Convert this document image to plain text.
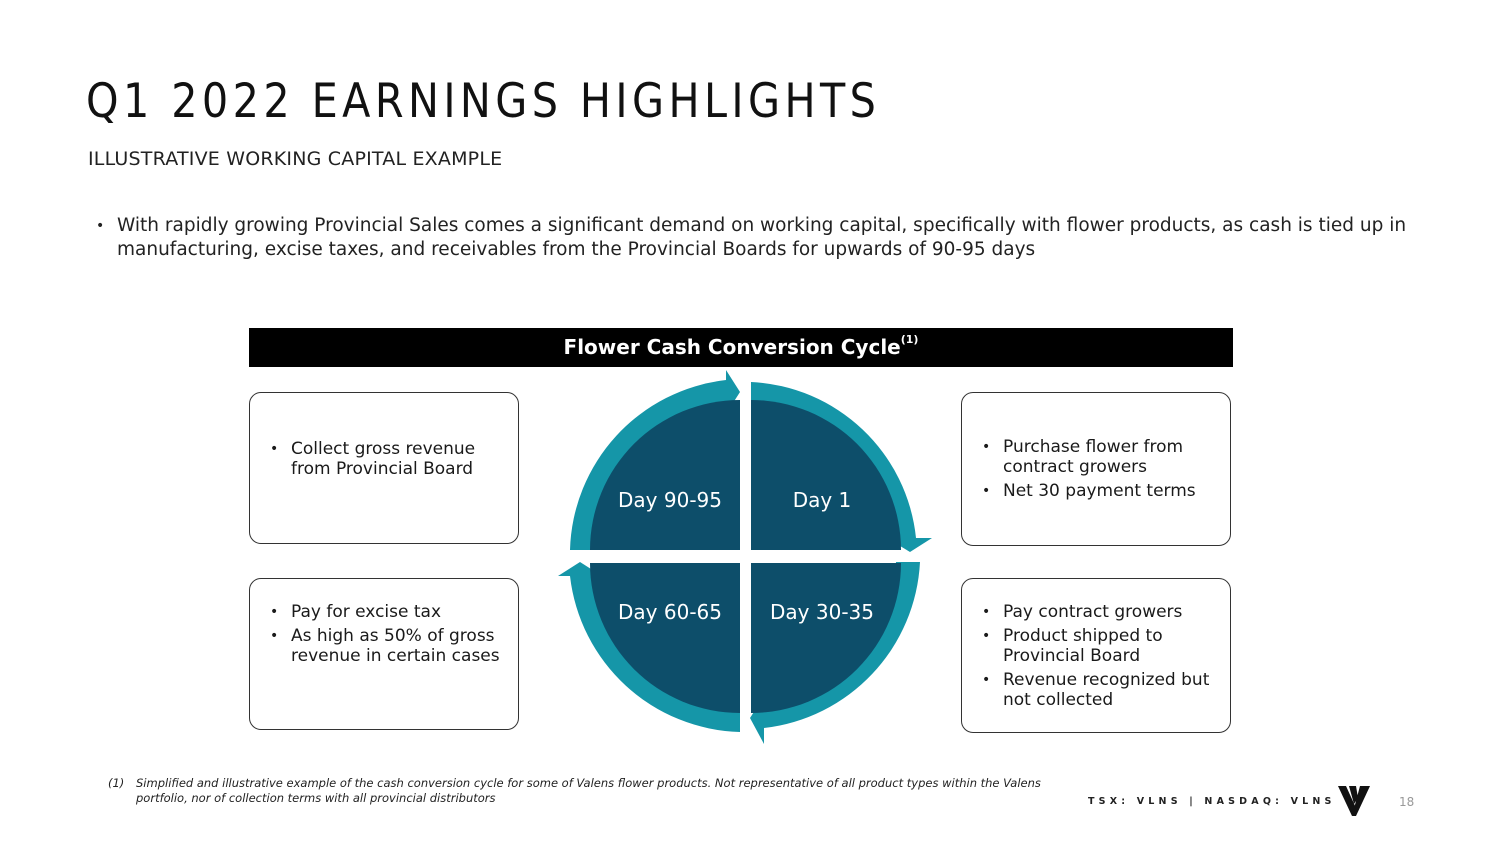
Q1 2022 EARNINGS HIGHLIGHTS
ILLUSTRATIVE WORKING CAPITAL EXAMPLE
• With rapidly growing Provincial Sales comes a significant demand on working capital, specifically with flower products, as cash is tied up in manufacturing, excise taxes, and receivables from the Provincial Boards for upwards of 90-95 days
Flower Cash Conversion Cycle$^{(1)}$
• Collect gross revenue from Provincial Board
• Pay for excise tax
• As high as 50% of gross revenue in certain cases
• Purchase flower from contract growers
• Net 30 payment terms
• Pay contract growers
• Product shipped to Provincial Board
• Revenue recognized but not collected
Day 90-95	Day 1
Day 30-35
Day 60-65
(1) Simplified and illustrative example of the cash conversion cycle for some of Valens flower products. Not representative of all product types within the Valens portfolio, nor of collection terms with all provincial distributors	TSX: VLNS | NASDAQ: VLNS	18
